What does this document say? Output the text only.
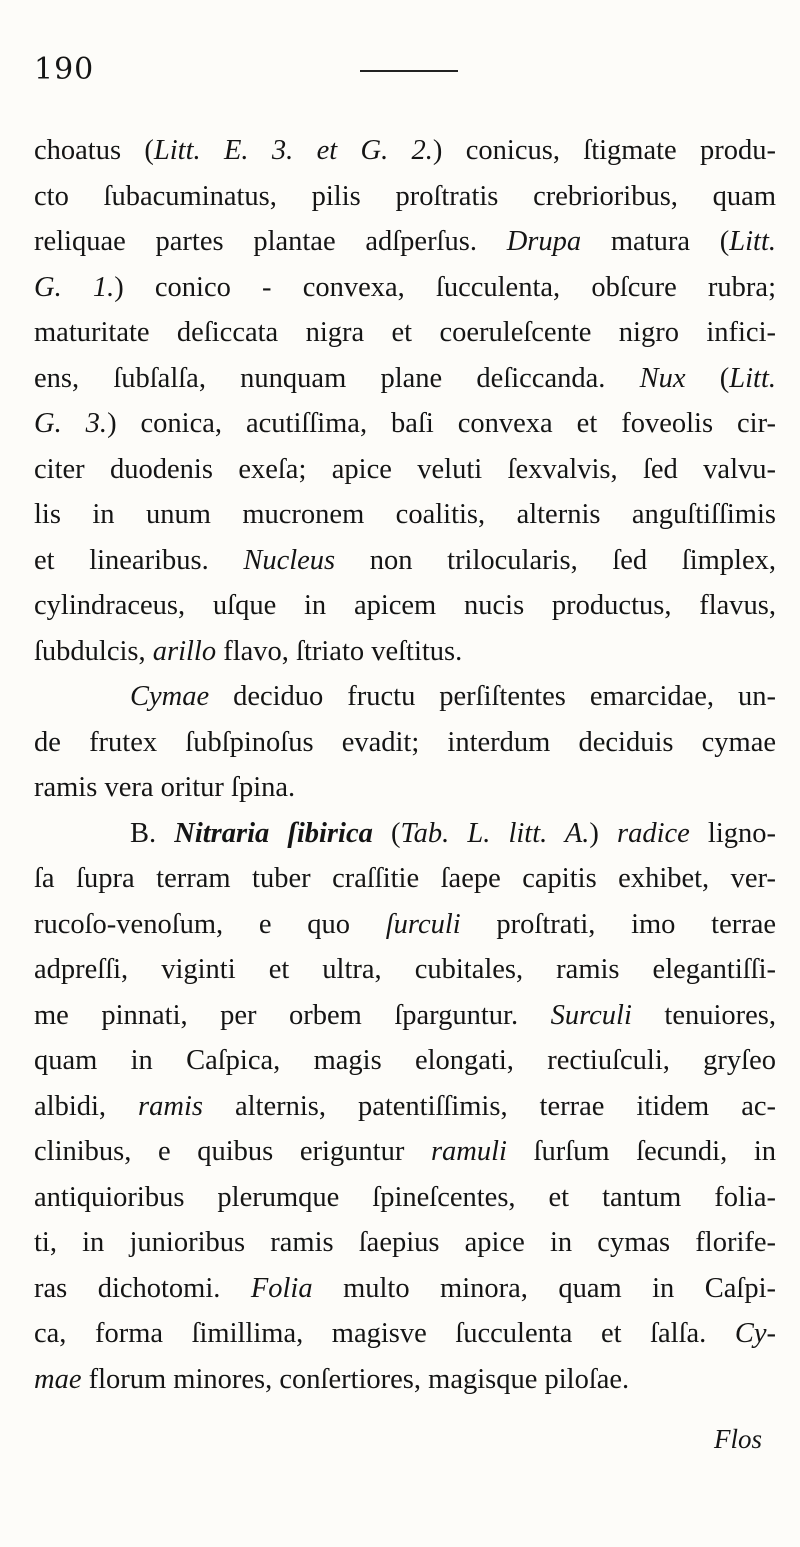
190
choatus (Litt. E. 3. et G. 2.) conicus, ſtigmate produ-
cto ſubacuminatus, pilis proſtratis crebrioribus, quam
reliquae partes plantae adſperſus. Drupa matura (Litt.
G. 1.) conico - convexa, ſucculenta, obſcure rubra;
maturitate deſiccata nigra et coeruleſcente nigro infici-
ens, ſubſalſa, nunquam plane deſiccanda. Nux (Litt.
G. 3.) conica, acutiſſima, baſi convexa et foveolis cir-
citer duodenis exeſa; apice veluti ſexvalvis, ſed valvu-
lis in unum mucronem coalitis, alternis anguſtiſſimis
et linearibus. Nucleus non trilocularis, ſed ſimplex,
cylindraceus, uſque in apicem nucis productus, flavus,
ſubdulcis, arillo flavo, ſtriato veſtitus.
Cymae deciduo fructu perſiſtentes emarcidae, un-
de frutex ſubſpinoſus evadit; interdum deciduis cymae
ramis vera oritur ſpina.
B. Nitraria ſibirica (Tab. L. litt. A.) radice ligno-
ſa ſupra terram tuber craſſitie ſaepe capitis exhibet, ver-
rucoſo-venoſum, e quo ſurculi proſtrati, imo terrae
adpreſſi, viginti et ultra, cubitales, ramis elegantiſſi-
me pinnati, per orbem ſparguntur. Surculi tenuiores,
quam in Caſpica, magis elongati, rectiuſculi, gryſeo
albidi, ramis alternis, patentiſſimis, terrae itidem ac-
clinibus, e quibus eriguntur ramuli ſurſum ſecundi, in
antiquioribus plerumque ſpineſcentes, et tantum folia-
ti, in junioribus ramis ſaepius apice in cymas florife-
ras dichotomi. Folia multo minora, quam in Caſpi-
ca, forma ſimillima, magisve ſucculenta et ſalſa. Cy-
mae florum minores, conſertiores, magisque piloſae.
Flos
